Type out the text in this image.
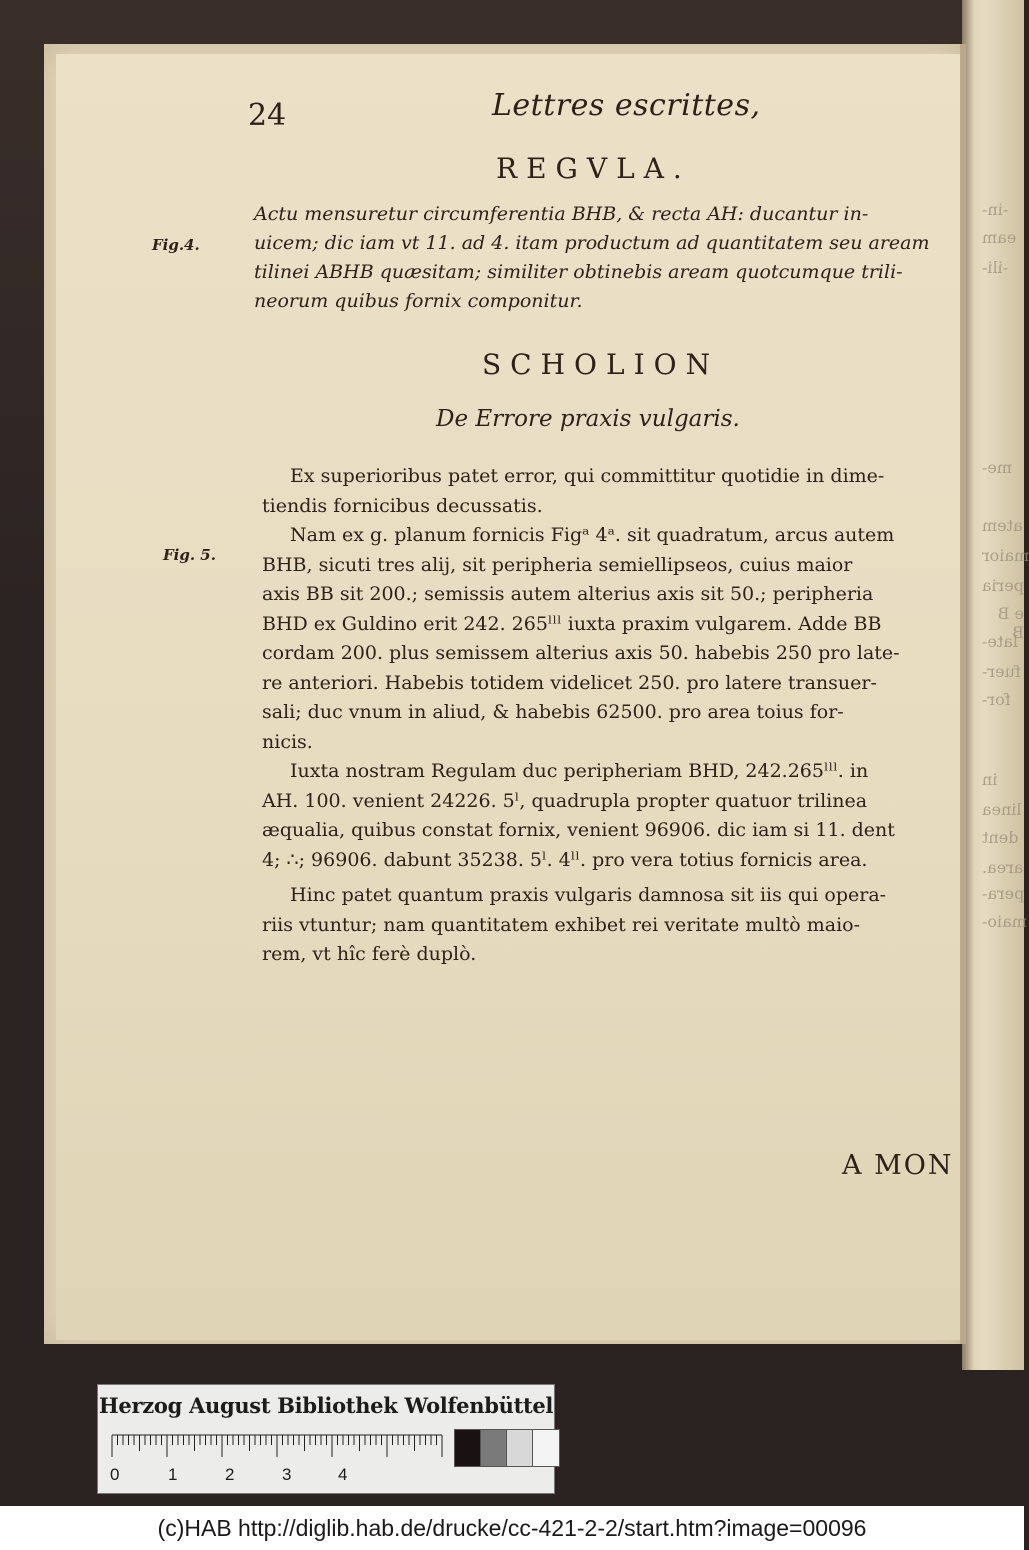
-in-
eam
-ili-
me-
atem
maior
peria
e B B
late-
fuer-
for-
in
linea
dent
area.
pera-
maio-
24	Lettres escrittes,
REGVLA.
Fig.4.
Actu mensuretur circumferentia BHB, & recta AH: ducantur in-
uicem; dic iam vt 11. ad 4. itam productum ad quantitatem seu aream
tilinei ABHB quæsitam; similiter obtinebis aream quotcumque trili-
neorum quibus fornix componitur.
SCHOLION
De Errore praxis vulgaris.
Fig. 5.
Ex superioribus patet error, qui committitur quotidie in dime-
tiendis fornicibus decussatis.
Nam ex g. planum fornicis Figᵃ 4ᵃ. sit quadratum, arcus autem
BHB, sicuti tres alij, sit peripheria semiellipseos, cuius maior
axis BB sit 200.; semissis autem alterius axis sit 50.; peripheria
BHD ex Guldino erit 242. 265ˡˡˡ iuxta praxim vulgarem. Adde BB
cordam 200. plus semissem alterius axis 50. habebis 250 pro late-
re anteriori. Habebis totidem videlicet 250. pro latere transuer-
sali; duc vnum in aliud, & habebis 62500. pro area toius for-
nicis.
Iuxta nostram Regulam duc peripheriam BHD, 242.265ˡˡˡ. in
AH. 100. venient 24226. 5ˡ, quadrupla propter quatuor trilinea
æqualia, quibus constat fornix, venient 96906. dic iam si 11. dent
4; ∴; 96906. dabunt 35238. 5ˡ. 4ˡˡ. pro vera totius fornicis area.
Hinc patet quantum praxis vulgaris damnosa sit iis qui opera-
riis vtuntur; nam quantitatem exhibet rei veritate multò maio-
rem, vt hîc ferè duplò.
A MON
Herzog August Bibliothek Wolfenbüttel
0	1	2	3	4
(c)HAB http://diglib.hab.de/drucke/cc-421-2-2/start.htm?image=00096
